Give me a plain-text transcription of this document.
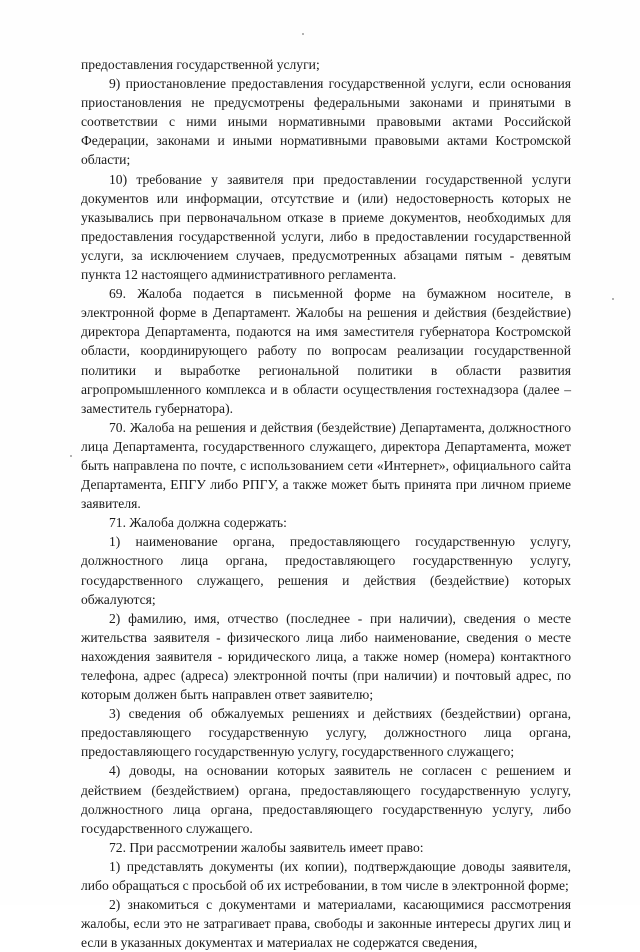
предоставления государственной услуги;

9) приостановление предоставления государственной услуги, если основания приостановления не предусмотрены федеральными законами и принятыми в соответствии с ними иными нормативными правовыми актами Российской Федерации, законами и иными нормативными правовыми актами Костромской области;

10) требование у заявителя при предоставлении государственной услуги документов или информации, отсутствие и (или) недостоверность которых не указывались при первоначальном отказе в приеме документов, необходимых для предоставления государственной услуги, либо в предоставлении государственной услуги, за исключением случаев, предусмотренных абзацами пятым - девятым пункта 12 настоящего административного регламента.

69. Жалоба подается в письменной форме на бумажном носителе, в электронной форме в Департамент. Жалобы на решения и действия (бездействие) директора Департамента, подаются на имя заместителя губернатора Костромской области, координирующего работу по вопросам реализации государственной политики и выработке региональной политики в области развития агропромышленного комплекса и в области осуществления гостехнадзора (далее – заместитель губернатора).

70. Жалоба на решения и действия (бездействие) Департамента, должностного лица Департамента, государственного служащего, директора Департамента, может быть направлена по почте, с использованием сети «Интернет», официального сайта Департамента, ЕПГУ либо РПГУ, а также может быть принята при личном приеме заявителя.

71. Жалоба должна содержать:

1) наименование органа, предоставляющего государственную услугу, должностного лица органа, предоставляющего государственную услугу, государственного служащего, решения и действия (бездействие) которых обжалуются;

2) фамилию, имя, отчество (последнее - при наличии), сведения о месте жительства заявителя - физического лица либо наименование, сведения о месте нахождения заявителя - юридического лица, а также номер (номера) контактного телефона, адрес (адреса) электронной почты (при наличии) и почтовый адрес, по которым должен быть направлен ответ заявителю;

3) сведения об обжалуемых решениях и действиях (бездействии) органа, предоставляющего государственную услугу, должностного лица органа, предоставляющего государственную услугу, государственного служащего;

4) доводы, на основании которых заявитель не согласен с решением и действием (бездействием) органа, предоставляющего государственную услугу, должностного лица органа, предоставляющего государственную услугу, либо государственного служащего.

72. При рассмотрении жалобы заявитель имеет право:

1) представлять документы (их копии), подтверждающие доводы заявителя, либо обращаться с просьбой об их истребовании, в том числе в электронной форме;

2) знакомиться с документами и материалами, касающимися рассмотрения жалобы, если это не затрагивает права, свободы и законные интересы других лиц и если в указанных документах и материалах не содержатся сведения,
